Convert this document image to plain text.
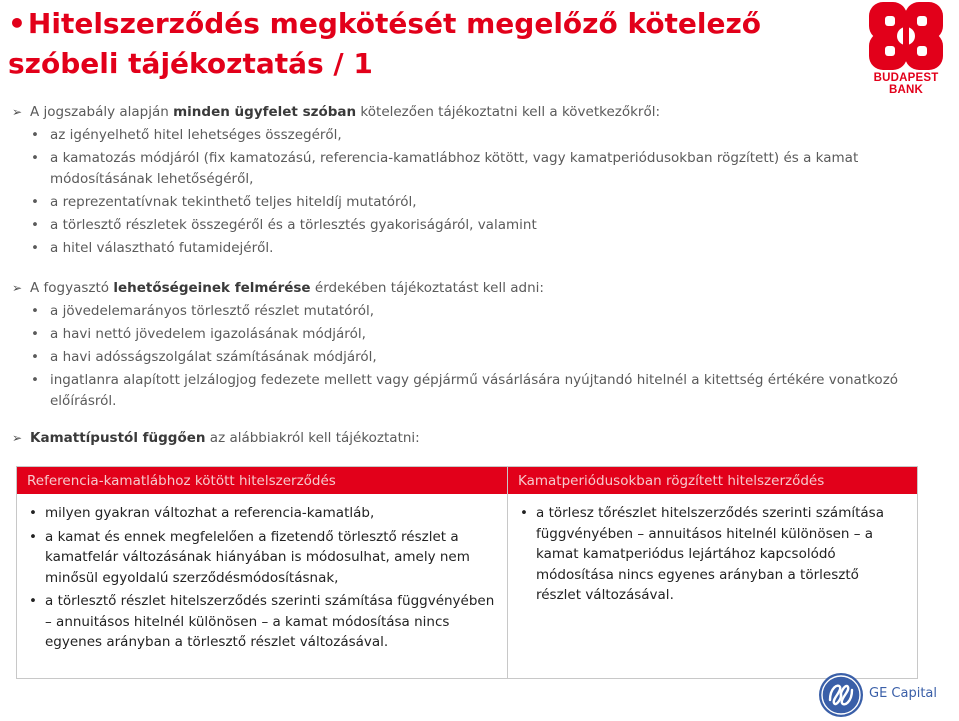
•Hitelszerződés megkötését megelőző kötelező szóbeli tájékoztatás / 1	BUDAPEST BANK

➢ A jogszabály alapján minden ügyfelet szóban kötelezően tájékoztatni kell a következőkről:

• az igényelhető hitel lehetséges összegéről,
• a kamatozás módjáról (fix kamatozású, referencia-kamatlábhoz kötött, vagy kamatperiódusokban rögzített) és a kamat módosításának lehetőségéről,
• a reprezentatívnak tekinthető teljes hiteldíj mutatóról,
• a törlesztő részletek összegéről és a törlesztés gyakoriságáról, valamint
• a hitel választható futamidejéről.

➢ A fogyasztó lehetőségeinek felmérése érdekében tájékoztatást kell adni:

• a jövedelemarányos törlesztő részlet mutatóról,
• a havi nettó jövedelem igazolásának módjáról,
• a havi adósságszolgálat számításának módjáról,
• ingatlanra alapított jelzálogjog fedezete mellett vagy gépjármű vásárlására nyújtandó hitelnél a kitettség értékére vonatkozó előírásról.

➢ Kamattípustól függően az alábbiakról kell tájékoztatni:

Referencia-kamatlábhoz kötött hitelszerződés
• milyen gyakran változhat a referencia-kamatláb,
• a kamat és ennek megfelelően a fizetendő törlesztő részlet a kamatfelár változásának hiányában is módosulhat, amely nem minősül egyoldalú szerződésmódosításnak,
• a törlesztő részlet hitelszerződés szerinti számítása függvényében – annuitásos hitelnél különösen – a kamat módosítása nincs egyenes arányban a törlesztő részlet változásával.
Kamatperiódusokban rögzített hitelszerződés
• a törlesz tőrészlet hitelszerződés szerinti számítása függvényében – annuitásos hitelnél különösen – a kamat kamatperiódus lejártához kapcsolódó módosítása nincs egyenes arányban a törlesztő részlet változásával.
GE Capital
